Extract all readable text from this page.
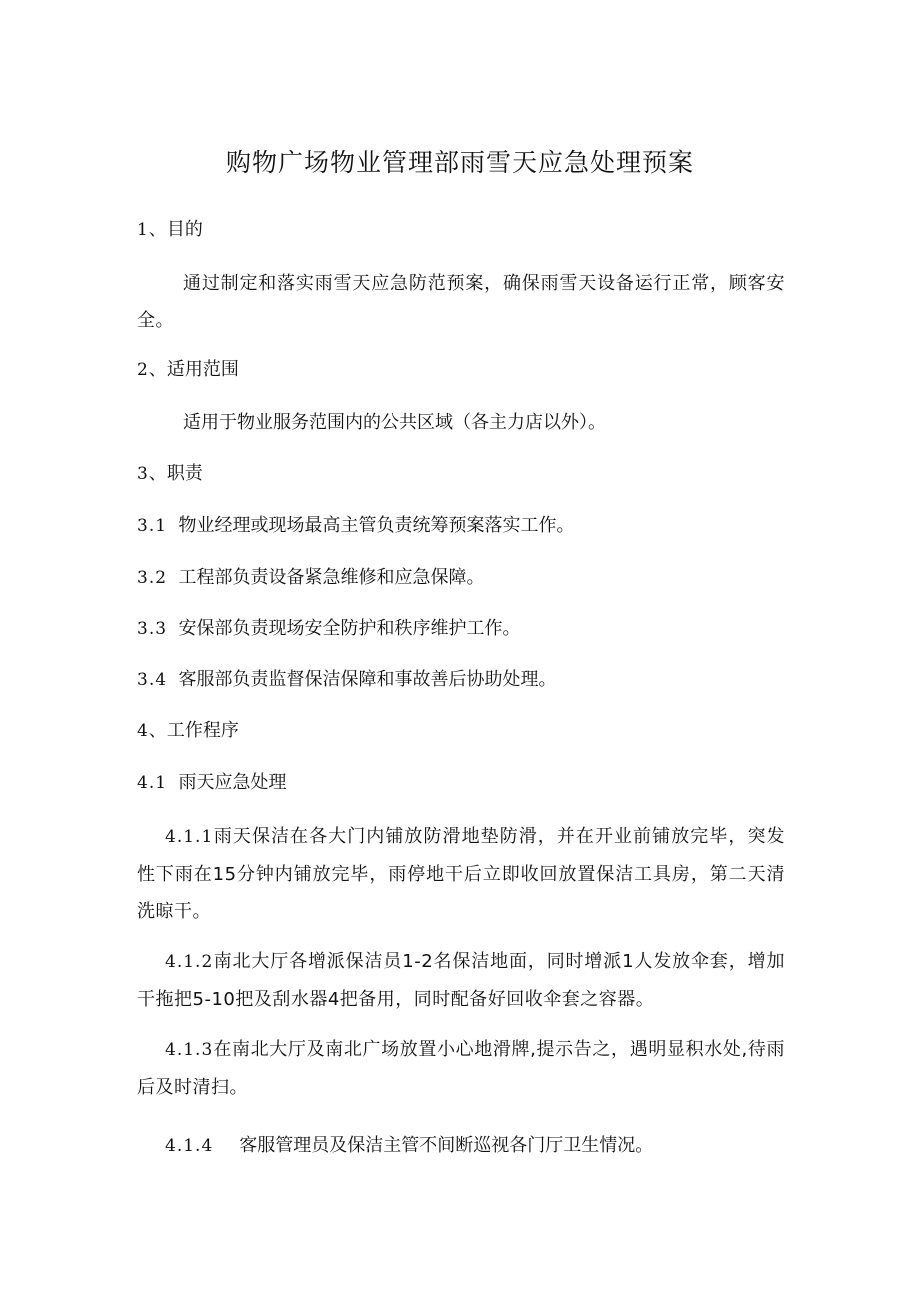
购物广场物业管理部雨雪天应急处理预案
1、目的
通过制定和落实雨雪天应急防范预案，确保雨雪天设备运行正常，顾客安全。
2、适用范围
适用于物业服务范围内的公共区域（各主力店以外）。
3、职责
3.1 物业经理或现场最高主管负责统筹预案落实工作。
3.2 工程部负责设备紧急维修和应急保障。
3.3 安保部负责现场安全防护和秩序维护工作。
3.4 客服部负责监督保洁保障和事故善后协助处理。
4、工作程序
4.1 雨天应急处理
4.1.1雨天保洁在各大门内铺放防滑地垫防滑，并在开业前铺放完毕，突发性下雨在15分钟内铺放完毕，雨停地干后立即收回放置保洁工具房，第二天清洗晾干。
4.1.2南北大厅各增派保洁员1-2名保洁地面，同时增派1人发放伞套，增加干拖把5-10把及刮水器4把备用，同时配备好回收伞套之容器。
4.1.3在南北大厅及南北广场放置小心地滑牌,提示告之，遇明显积水处,待雨后及时清扫。
4.1.4 客服管理员及保洁主管不间断巡视各门厅卫生情况。
